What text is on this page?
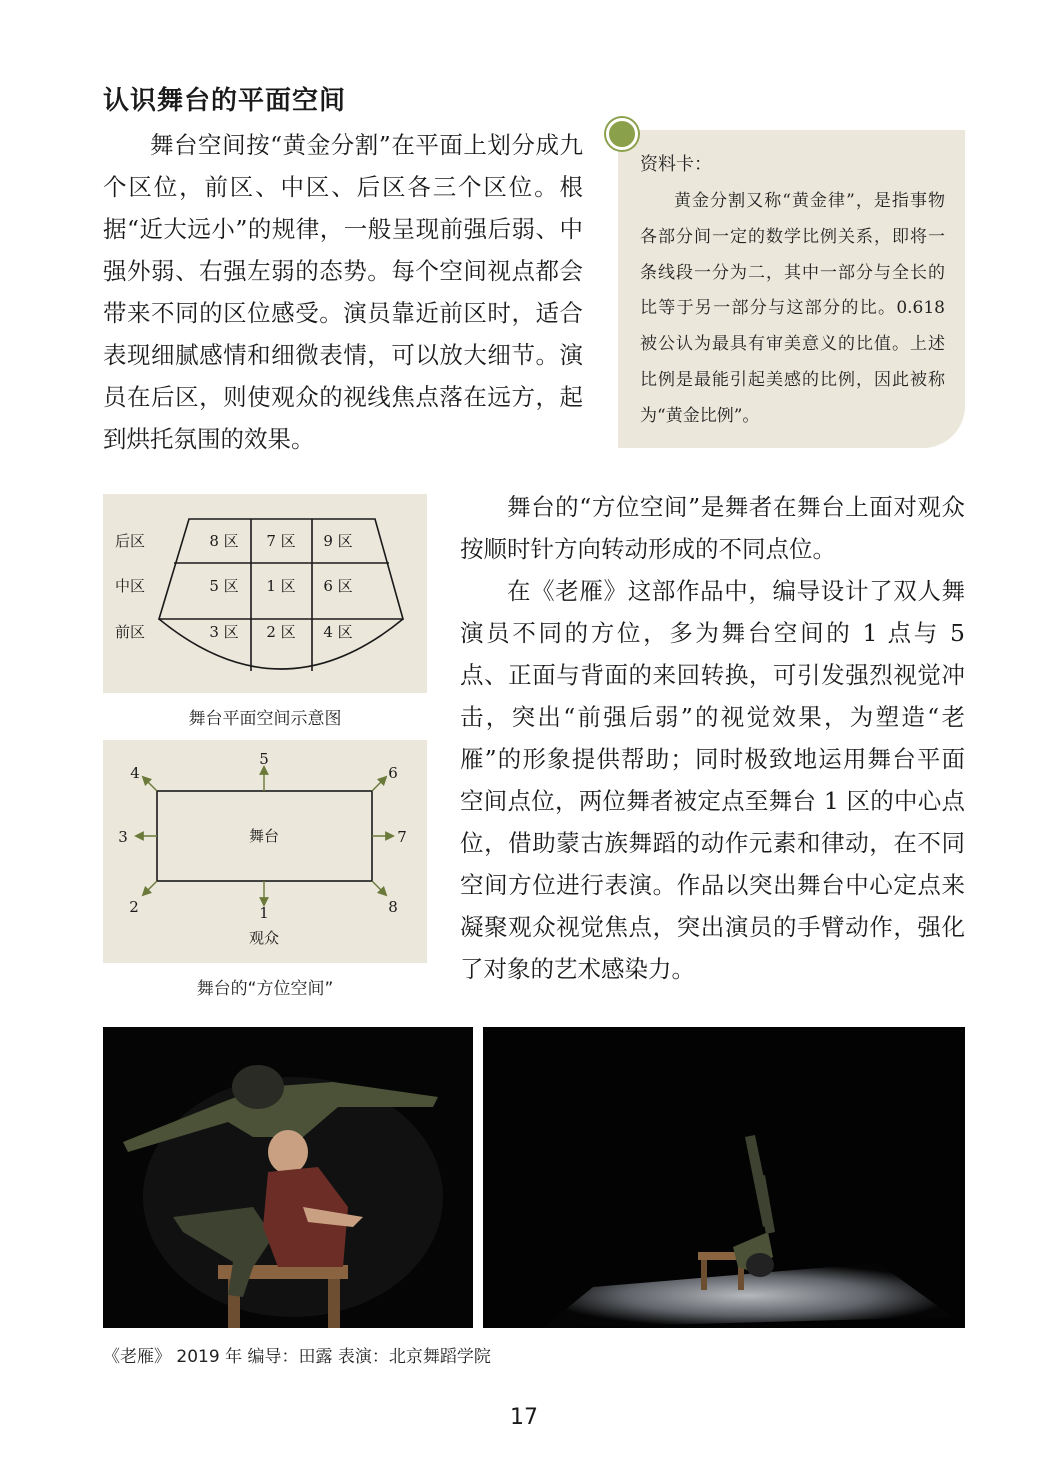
认识舞台的平面空间

舞台空间按“黄金分割”在平面上划分成九个区位，前区、中区、后区各三个区位。根据“近大远小”的规律，一般呈现前强后弱、中强外弱、右强左弱的态势。每个空间视点都会带来不同的区位感受。演员靠近前区时，适合表现细腻感情和细微表情，可以放大细节。演员在后区，则使观众的视线焦点落在远方，起到烘托氛围的效果。

资料卡：

黄金分割又称“黄金律”，是指事物各部分间一定的数学比例关系，即将一条线段一分为二，其中一部分与全长的比等于另一部分与这部分的比。0.618 被公认为最具有审美意义的比值。上述比例是最能引起美感的比例，因此被称为“黄金比例”。

后区
中区
前区
8 区 7 区 9 区
5 区 1 区 6 区
3 区 2 区 4 区
舞台平面空间示意图
舞台
1
2
3
4
5
6
7
8
观众
舞台的“方位空间”

舞台的“方位空间”是舞者在舞台上面对观众按顺时针方向转动形成的不同点位。

在《老雁》这部作品中，编导设计了双人舞演员不同的方位，多为舞台空间的 1 点与 5 点、正面与背面的来回转换，可引发强烈视觉冲击，突出“前强后弱”的视觉效果，为塑造“老雁”的形象提供帮助；同时极致地运用舞台平面空间点位，两位舞者被定点至舞台 1 区的中心点位，借助蒙古族舞蹈的动作元素和律动，在不同空间方位进行表演。作品以突出舞台中心定点来凝聚观众视觉焦点，突出演员的手臂动作，强化了对象的艺术感染力。

《老雁》 2019 年 编导：田露 表演：北京舞蹈学院
17
